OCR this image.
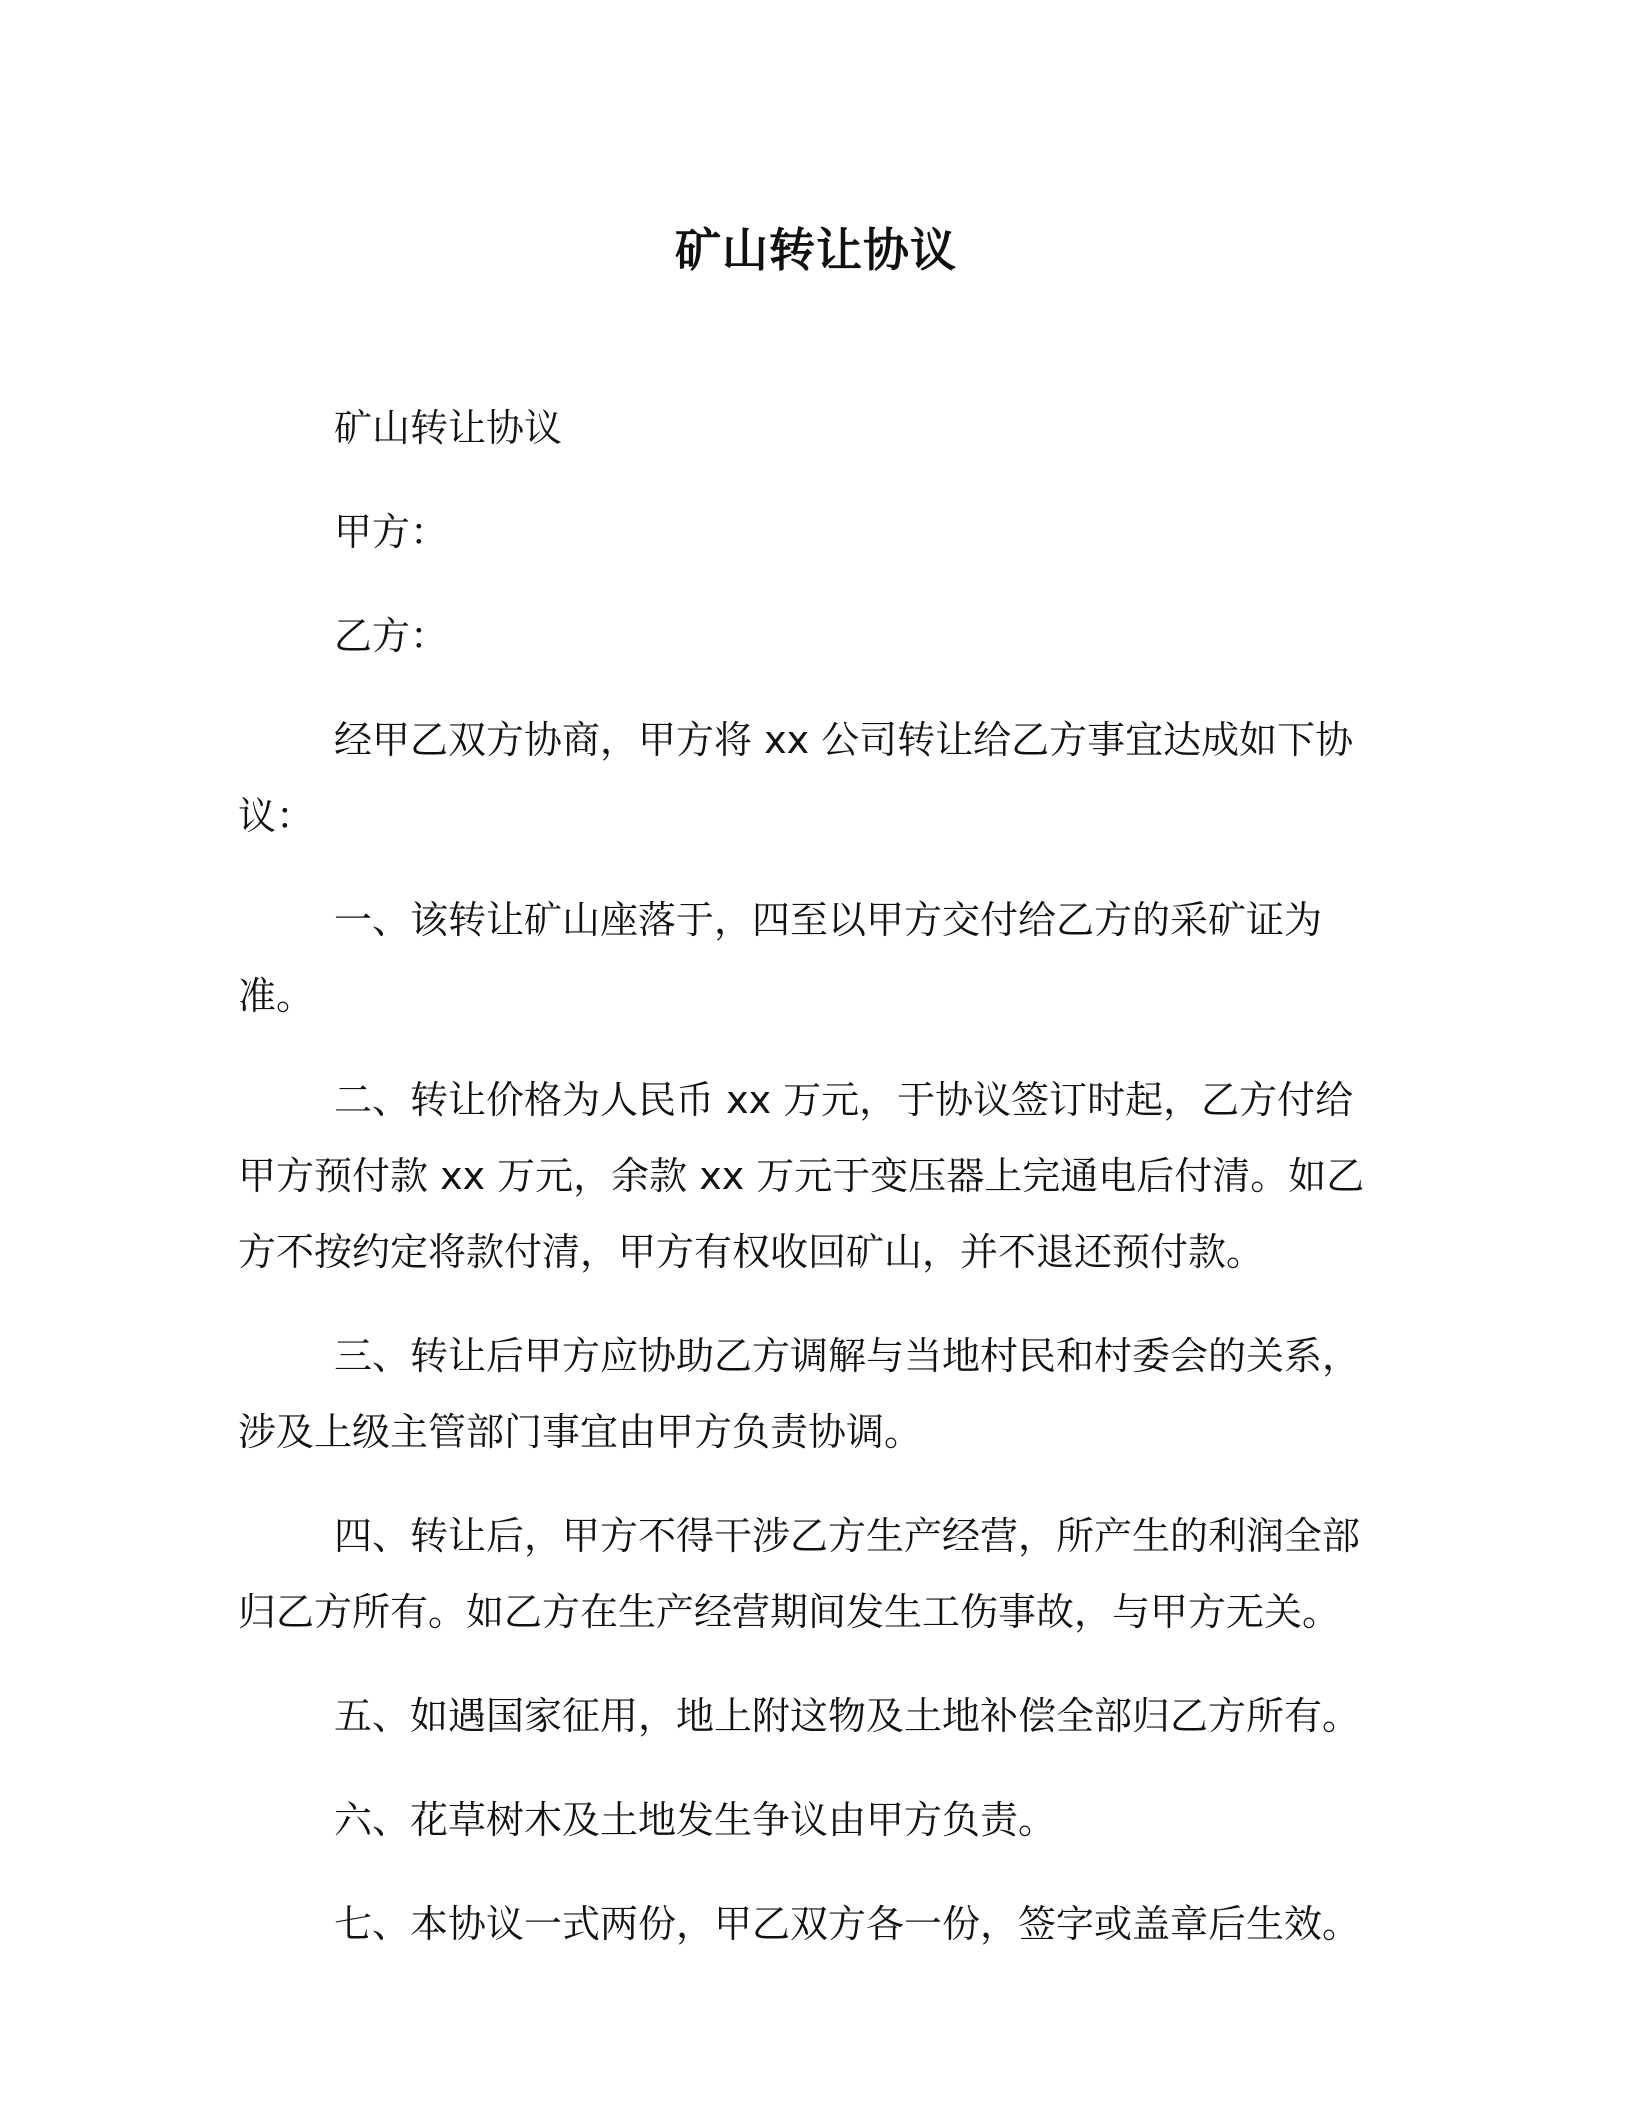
矿山转让协议

矿山转让协议

甲方：

乙方：

经甲乙双方协商，甲方将 xx 公司转让给乙方事宜达成如下协议：

一、该转让矿山座落于，四至以甲方交付给乙方的采矿证为准。

二、转让价格为人民币 xx 万元，于协议签订时起，乙方付给甲方预付款 xx 万元，余款 xx 万元于变压器上完通电后付清。如乙方不按约定将款付清，甲方有权收回矿山，并不退还预付款。

三、转让后甲方应协助乙方调解与当地村民和村委会的关系，涉及上级主管部门事宜由甲方负责协调。

四、转让后，甲方不得干涉乙方生产经营，所产生的利润全部归乙方所有。如乙方在生产经营期间发生工伤事故，与甲方无关。

五、如遇国家征用，地上附这物及土地补偿全部归乙方所有。

六、花草树木及土地发生争议由甲方负责。

七、本协议一式两份，甲乙双方各一份，签字或盖章后生效。
